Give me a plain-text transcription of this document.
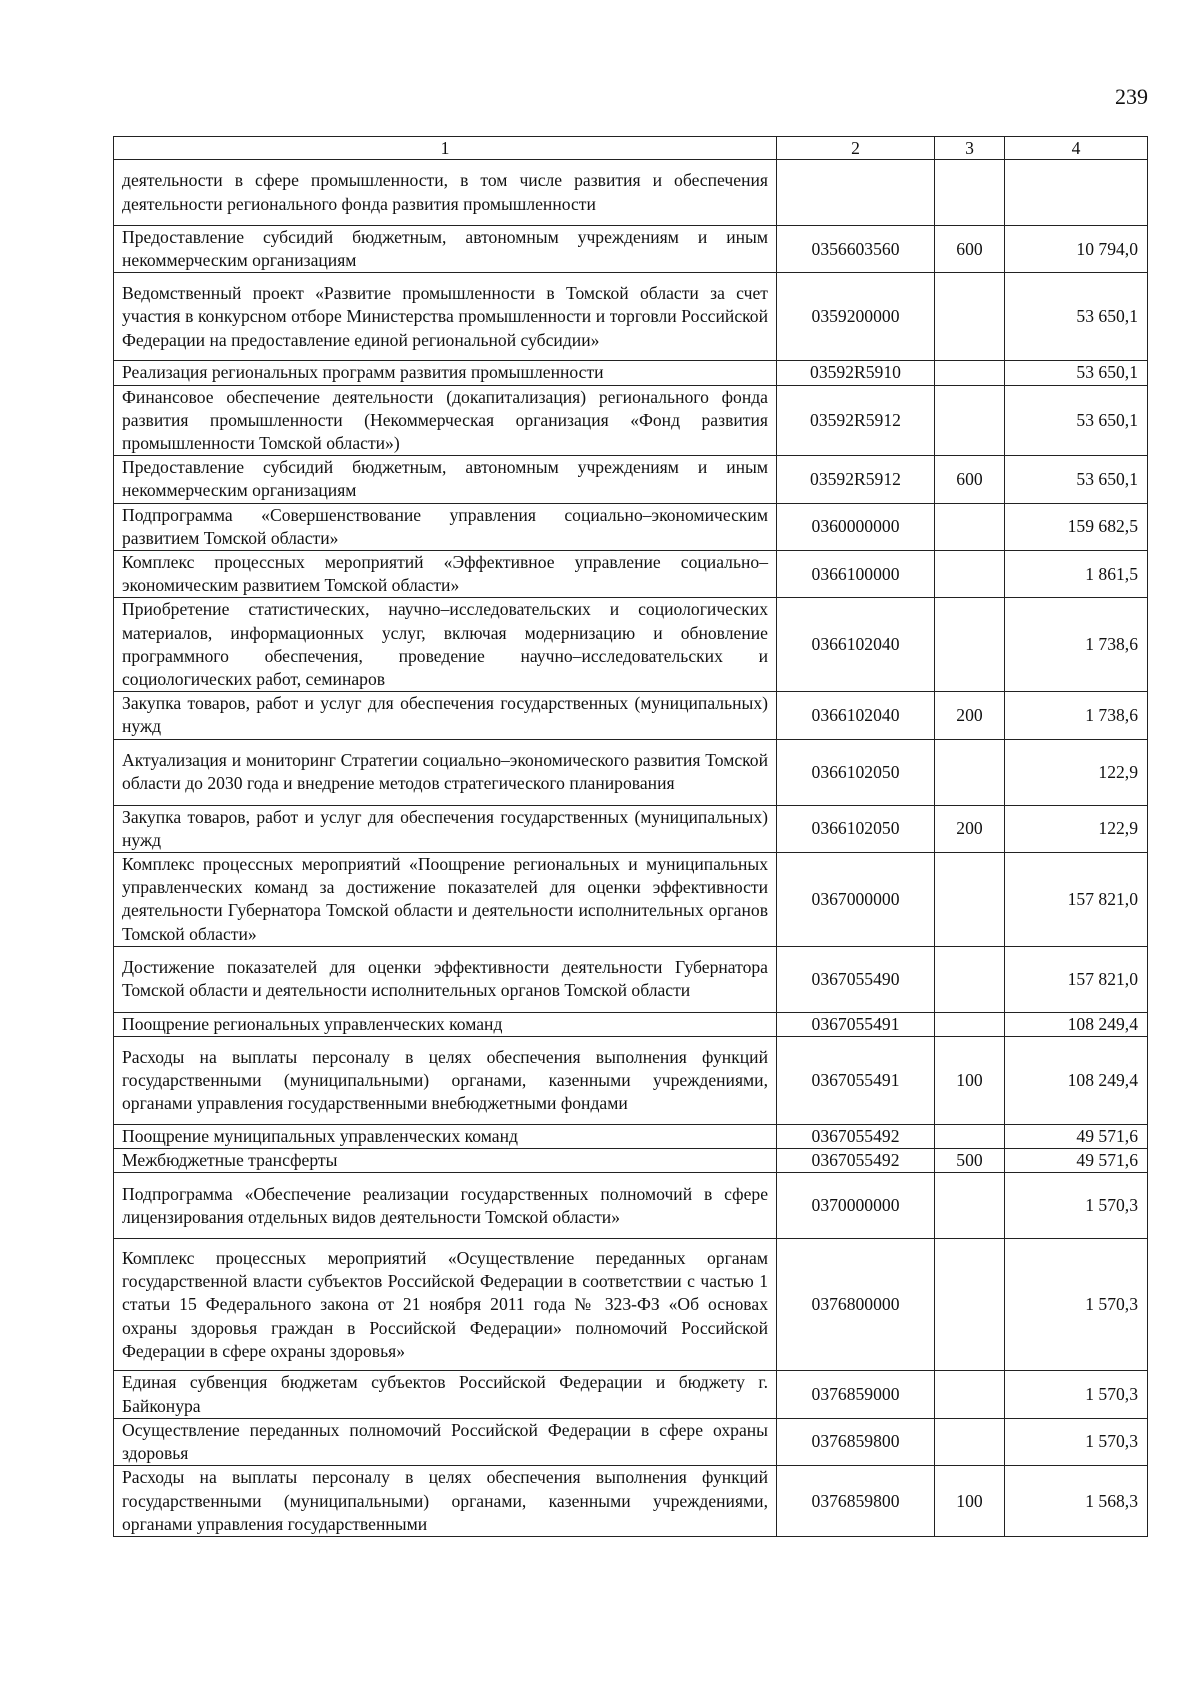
239
1	2	3	4
деятельности в сфере промышленности, в том числе развития и обеспечения деятельности регионального фонда развития промышленности			
Предоставление субсидий бюджетным, автономным учреждениям и иным некоммерческим организациям	0356603560	600	10 794,0
Ведомственный проект «Развитие промышленности в Томской области за счет участия в конкурсном отборе Министерства промышленности и торговли Российской Федерации на предоставление единой региональной субсидии»	0359200000		53 650,1
Реализация региональных программ развития промышленности	03592R5910		53 650,1
Финансовое обеспечение деятельности (докапитализация) регионального фонда развития промышленности (Некоммерческая организация «Фонд развития промышленности Томской области»)	03592R5912		53 650,1
Предоставление субсидий бюджетным, автономным учреждениям и иным некоммерческим организациям	03592R5912	600	53 650,1
Подпрограмма «Совершенствование управления социально–экономическим развитием Томской области»	0360000000		159 682,5
Комплекс процессных мероприятий «Эффективное управление социально–экономическим развитием Томской области»	0366100000		1 861,5
Приобретение статистических, научно–исследовательских и социологических материалов, информационных услуг, включая модернизацию и обновление программного обеспечения, проведение научно–исследовательских и социологических работ, семинаров	0366102040		1 738,6
Закупка товаров, работ и услуг для обеспечения государственных (муниципальных) нужд	0366102040	200	1 738,6
Актуализация и мониторинг Стратегии социально–экономического развития Томской области до 2030 года и внедрение методов стратегического планирования	0366102050		122,9
Закупка товаров, работ и услуг для обеспечения государственных (муниципальных) нужд	0366102050	200	122,9
Комплекс процессных мероприятий «Поощрение региональных и муниципальных управленческих команд за достижение показателей для оценки эффективности деятельности Губернатора Томской области и деятельности исполнительных органов Томской области»	0367000000		157 821,0
Достижение показателей для оценки эффективности деятельности Губернатора Томской области и деятельности исполнительных органов Томской области	0367055490		157 821,0
Поощрение региональных управленческих команд	0367055491		108 249,4
Расходы на выплаты персоналу в целях обеспечения выполнения функций государственными (муниципальными) органами, казенными учреждениями, органами управления государственными внебюджетными фондами	0367055491	100	108 249,4
Поощрение муниципальных управленческих команд	0367055492		49 571,6
Межбюджетные трансферты	0367055492	500	49 571,6
Подпрограмма «Обеспечение реализации государственных полномочий в сфере лицензирования отдельных видов деятельности Томской области»	0370000000		1 570,3
Комплекс процессных мероприятий «Осуществление переданных органам государственной власти субъектов Российской Федерации в соответствии с частью 1 статьи 15 Федерального закона от 21 ноября 2011 года № 323-ФЗ «Об основах охраны здоровья граждан в Российской Федерации» полномочий Российской Федерации в сфере охраны здоровья»	0376800000		1 570,3
Единая субвенция бюджетам субъектов Российской Федерации и бюджету г. Байконура	0376859000		1 570,3
Осуществление переданных полномочий Российской Федерации в сфере охраны здоровья	0376859800		1 570,3
Расходы на выплаты персоналу в целях обеспечения выполнения функций государственными (муниципальными) органами, казенными учреждениями, органами управления государственными	0376859800	100	1 568,3
